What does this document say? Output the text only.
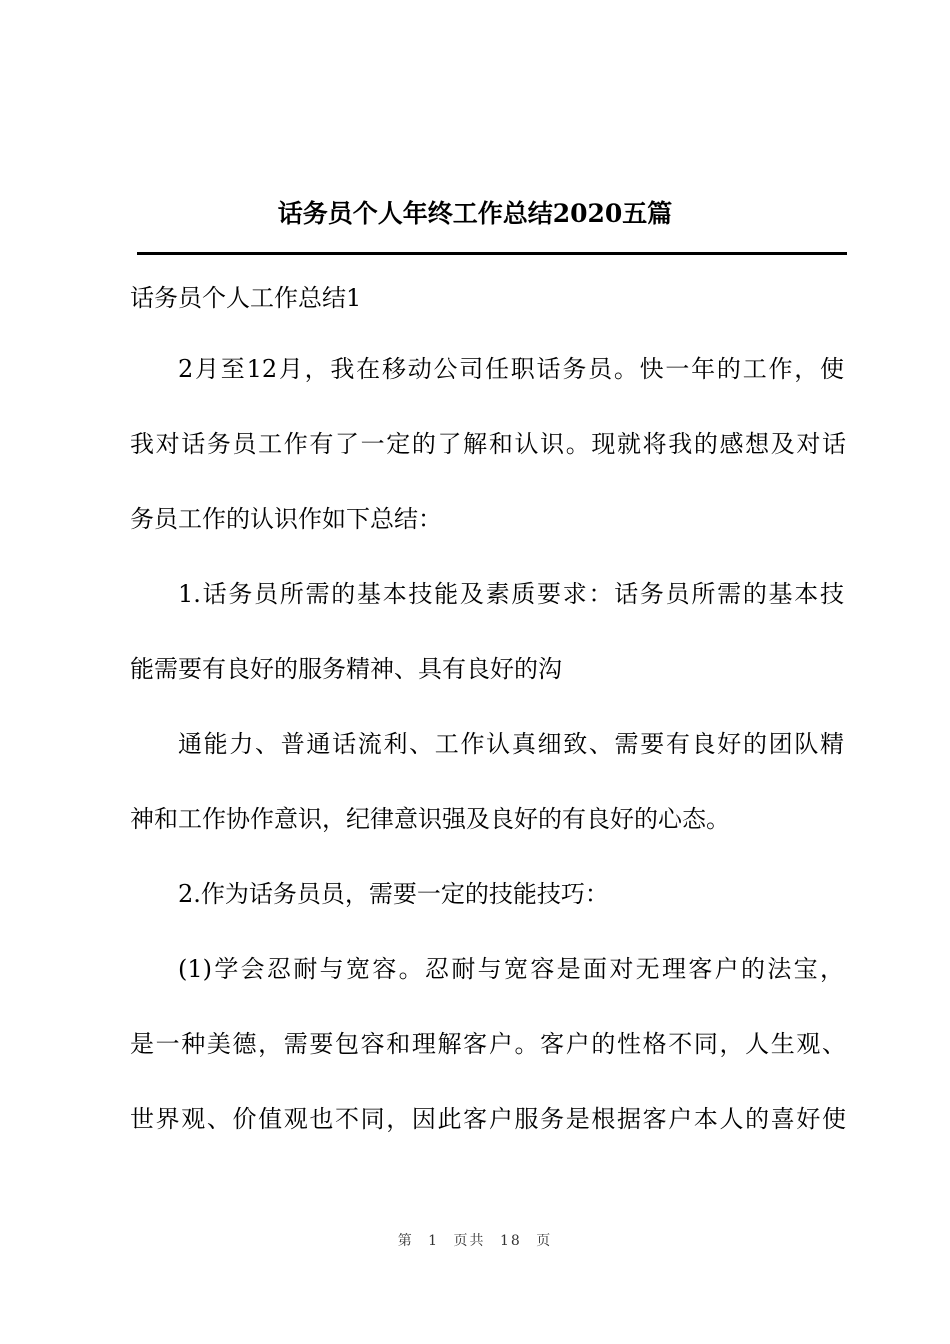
话务员个人年终工作总结2020五篇
话务员个人工作总结1
2月至12月，我在移动公司任职话务员。快一年的工作，使
我对话务员工作有了一定的了解和认识。现就将我的感想及对话
务员工作的认识作如下总结：
1.话务员所需的基本技能及素质要求：话务员所需的基本技
能需要有良好的服务精神、具有良好的沟
通能力、普通话流利、工作认真细致、需要有良好的团队精
神和工作协作意识，纪律意识强及良好的有良好的心态。
2.作为话务员员，需要一定的技能技巧：
(1)学会忍耐与宽容。忍耐与宽容是面对无理客户的法宝，
是一种美德，需要包容和理解客户。客户的性格不同，人生观、
世界观、价值观也不同，因此客户服务是根据客户本人的喜好使
第 1 页共 18 页
